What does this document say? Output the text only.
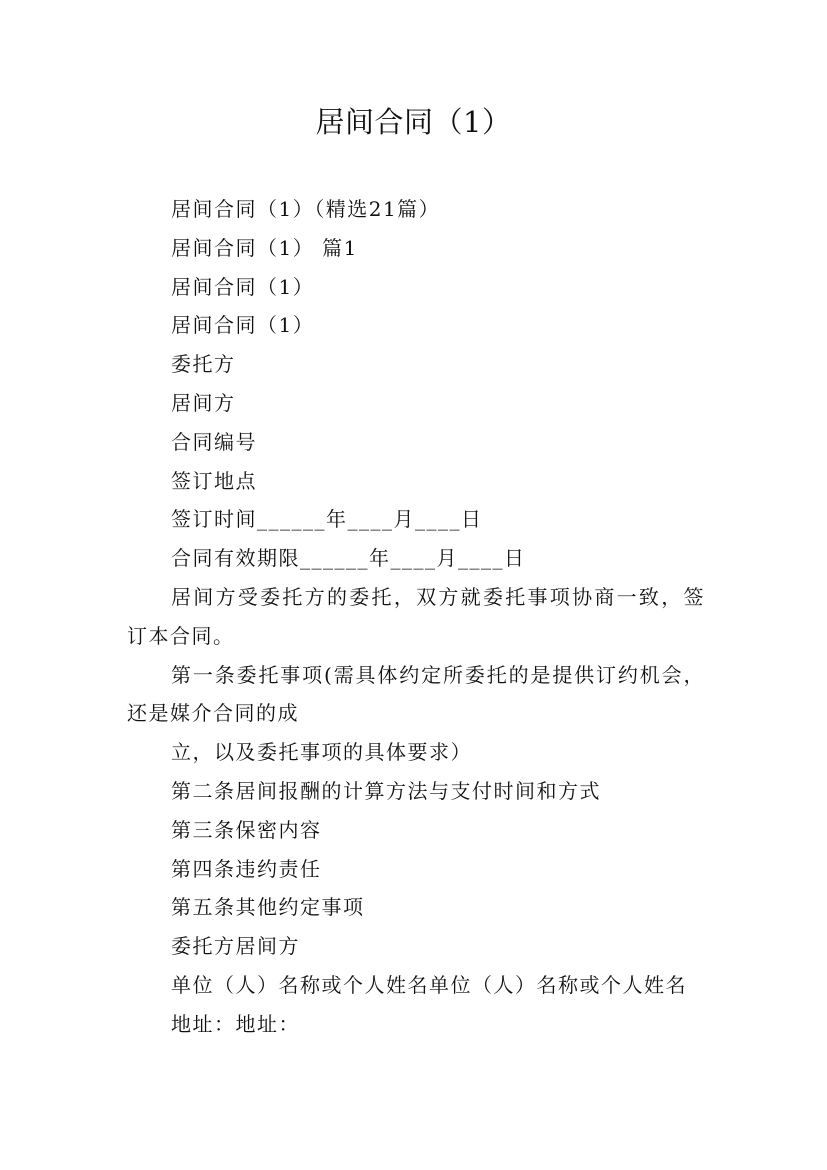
居间合同（1）

居间合同（1）（精选21篇）

居间合同（1） 篇1

居间合同（1）

居间合同（1）

委托方

居间方

合同编号

签订地点

签订时间______年____月____日

合同有效期限______年____月____日

居间方受委托方的委托，双方就委托事项协商一致，签订本合同。

第一条委托事项(需具体约定所委托的是提供订约机会，还是媒介合同的成

立，以及委托事项的具体要求）

第二条居间报酬的计算方法与支付时间和方式

第三条保密内容

第四条违约责任

第五条其他约定事项

委托方居间方

单位（人）名称或个人姓名单位（人）名称或个人姓名

地址：地址：
